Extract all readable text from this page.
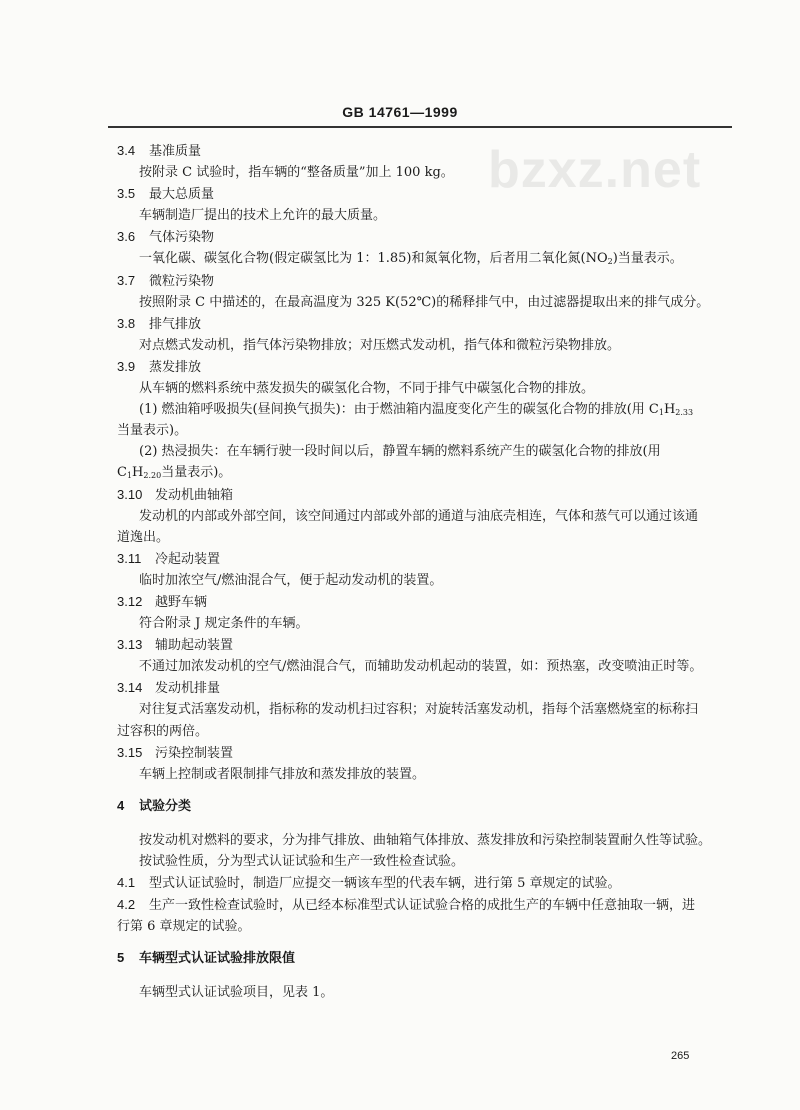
GB 14761—1999
bzxz.net
3.4 基准质量
按附录 C 试验时，指车辆的“整备质量”加上 100 kg。
3.5 最大总质量
车辆制造厂提出的技术上允许的最大质量。
3.6 气体污染物
一氧化碳、碳氢化合物(假定碳氢比为 1：1.85)和氮氧化物，后者用二氧化氮$(NO_2)$当量表示。
3.7 微粒污染物
按照附录 C 中描述的，在最高温度为 325 K(52℃)的稀释排气中，由过滤器提取出来的排气成分。
3.8 排气排放
对点燃式发动机，指气体污染物排放；对压燃式发动机，指气体和微粒污染物排放。
3.9 蒸发排放
从车辆的燃料系统中蒸发损失的碳氢化合物，不同于排气中碳氢化合物的排放。
(1) 燃油箱呼吸损失(昼间换气损失)：由于燃油箱内温度变化产生的碳氢化合物的排放(用 $C_1H_{2.33}$
当量表示)。
(2) 热浸损失：在车辆行驶一段时间以后，静置车辆的燃料系统产生的碳氢化合物的排放(用
$C_1H_{2.20}$当量表示)。
3.10 发动机曲轴箱
发动机的内部或外部空间，该空间通过内部或外部的通道与油底壳相连，气体和蒸气可以通过该通
道逸出。
3.11 冷起动装置
临时加浓空气/燃油混合气，便于起动发动机的装置。
3.12 越野车辆
符合附录 J 规定条件的车辆。
3.13 辅助起动装置
不通过加浓发动机的空气/燃油混合气，而辅助发动机起动的装置，如：预热塞，改变喷油正时等。
3.14 发动机排量
对往复式活塞发动机，指标称的发动机扫过容积；对旋转活塞发动机，指每个活塞燃烧室的标称扫
过容积的两倍。
3.15 污染控制装置
车辆上控制或者限制排气排放和蒸发排放的装置。
4 试验分类
按发动机对燃料的要求，分为排气排放、曲轴箱气体排放、蒸发排放和污染控制装置耐久性等试验。
按试验性质，分为型式认证试验和生产一致性检查试验。
4.1 型式认证试验时，制造厂应提交一辆该车型的代表车辆，进行第 5 章规定的试验。
4.2 生产一致性检查试验时，从已经本标准型式认证试验合格的成批生产的车辆中任意抽取一辆，进
行第 6 章规定的试验。
5 车辆型式认证试验排放限值
车辆型式认证试验项目，见表 1。
265
